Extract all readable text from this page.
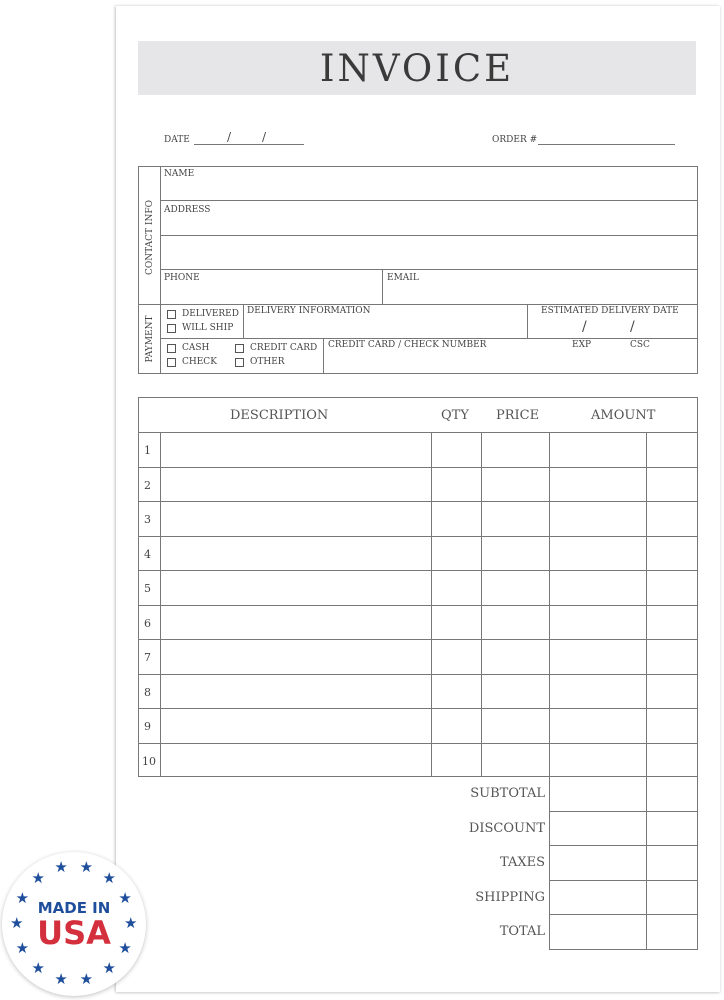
INVOICE
DATE	/	/	ORDER #
CONTACT INFO
PAYMENT
NAME
ADDRESS
PHONE	EMAIL
DELIVERED
WILL SHIP
DELIVERY INFORMATION	ESTIMATED DELIVERY DATE
/	/
CASH
CHECK
CREDIT CARD
OTHER
CREDIT CARD / CHECK NUMBER	EXP	CSC
DESCRIPTION	QTY PRICE	AMOUNT
1
2
3
4
5
6
7
8
9
10
SUBTOTAL
DISCOUNT
TAXES
SHIPPING
TOTAL
MADE IN
USA
★
★
★
★
★
★
★
★
★
★
★
★
★
★
